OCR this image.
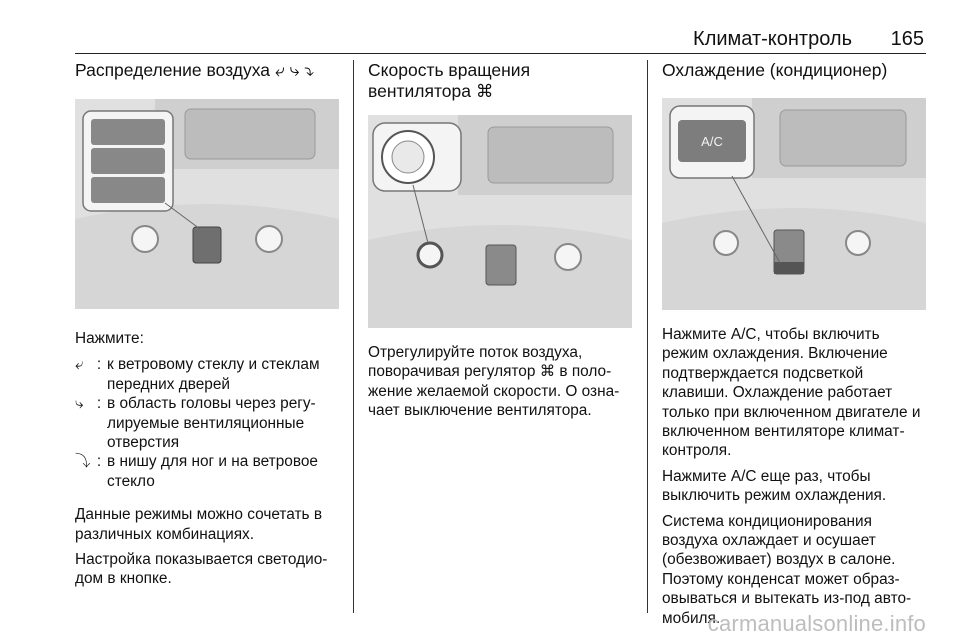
Климат-контроль 165
Распределение воздуха ⤶ ⤷ ⤵

Нажмите:

⤶ : к ветровому стеклу и стеклам передних дверей
⤷ : в область головы через регу-лируемые вентиляционные отверстия
⤵ : в нишу для ног и на ветровое стекло

Данные режимы можно сочетать в различных комбинациях.

Настройка показывается светодио-дом в кнопке.

Скорость вращения вентилятора ⌘

Отрегулируйте поток воздуха, поворачивая регулятор ⌘ в поло-жение желаемой скорости. O озна-чает выключение вентилятора.

Охлаждение (кондиционер)
A/C

Нажмите A/C, чтобы включить режим охлаждения. Включение подтверждается подсветкой клавиши. Охлаждение работает только при включенном двигателе и включенном вентиляторе климат-контроля.

Нажмите A/C еще раз, чтобы выключить режим охлаждения.

Система кондиционирования воздуха охлаждает и осушает (обезвоживает) воздух в салоне. Поэтому конденсат может образ-овываться и вытекать из-под авто-мобиля.

carmanualsonline.info
